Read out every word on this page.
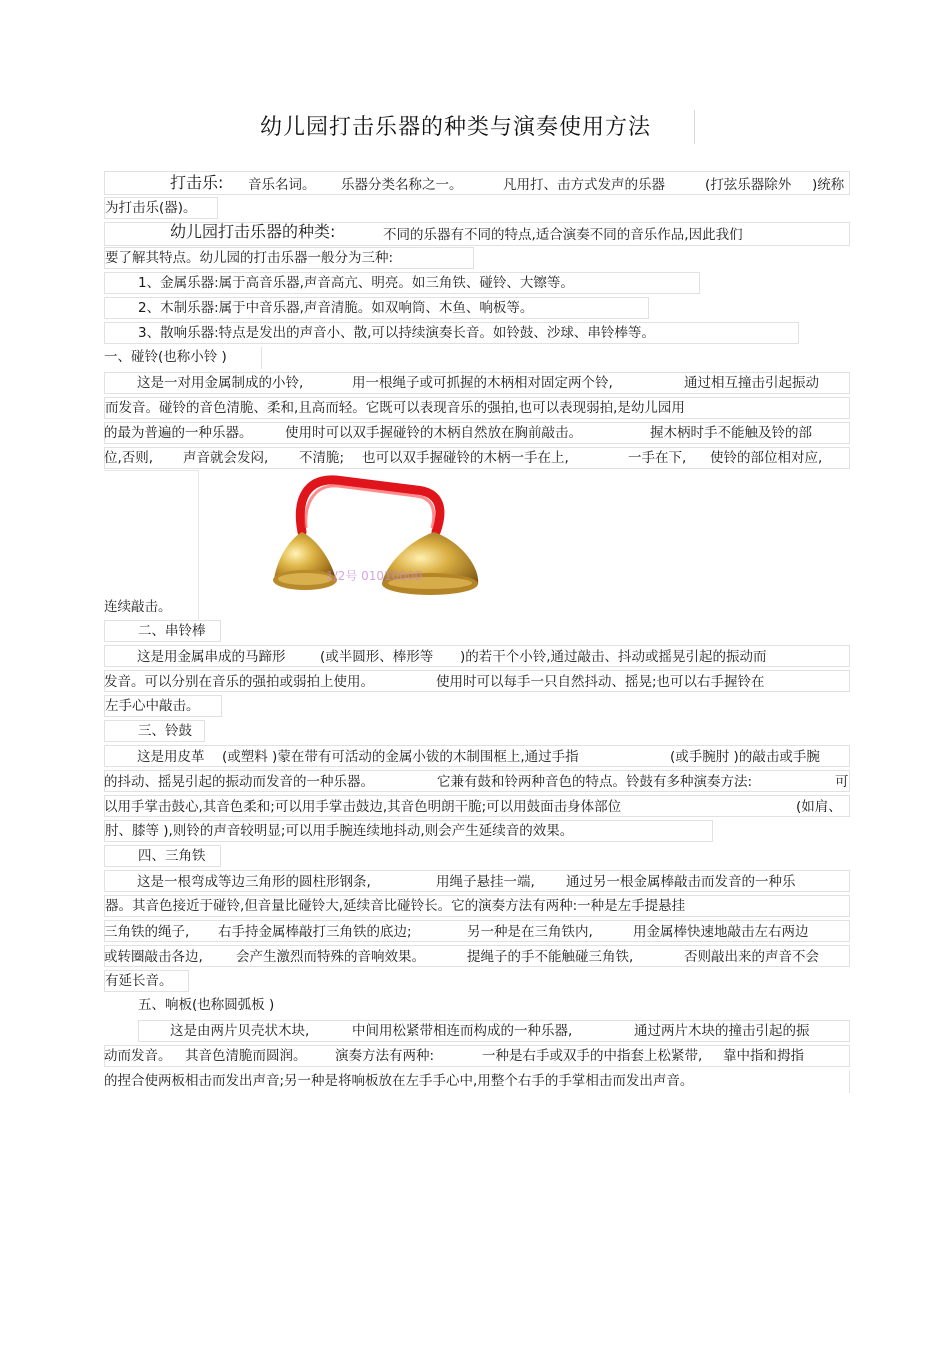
幼儿园打击乐器的种类与演奏使用方法
打击乐: 音乐名词。 乐器分类名称之一。	凡用打、击方式发声的乐器	(打弦乐器除外 )统称
为打击乐(器)。
幼儿园打击乐器的种类:	不同的乐器有不同的特点,适合演奏不同的音乐作品,因此我们
要了解其特点。幼儿园的打击乐器一般分为三种:
1、金属乐器:属于高音乐器,声音高亢、明亮。如三角铁、碰铃、大镲等。
2、木制乐器:属于中音乐器,声音清脆。如双响筒、木鱼、响板等。
3、散响乐器:特点是发出的声音小、散,可以持续演奏长音。如铃鼓、沙球、串铃棒等。
一、碰铃(也称小铃 )
这是一对用金属制成的小铃,	用一根绳子或可抓握的木柄相对固定两个铃,	通过相互撞击引起振动
而发音。碰铃的音色清脆、柔和,且高而轻。它既可以表现音乐的强拍,也可以表现弱拍,是幼儿园用
的最为普遍的一种乐器。 使用时可以双手握碰铃的木柄自然放在胸前敲击。	握木柄时手不能触及铃的部
位,否则, 声音就会发闷, 不清脆; 也可以双手握碰铃的木柄一手在上,	一手在下, 使铃的部位相对应,
1/2号 01010000
连续敲击。
二、串铃棒
这是用金属串成的马蹄形	(或半圆形、棒形等 )的若干个小铃,通过敲击、抖动或摇晃引起的振动而
发音。可以分别在音乐的强拍或弱拍上使用。	使用时可以每手一只自然抖动、摇晃;也可以右手握铃在
左手心中敲击。
三、铃鼓
这是用皮革 (或塑料 )蒙在带有可活动的金属小钹的木制围框上,通过手指	(或手腕肘 )的敲击或手腕
的抖动、摇晃引起的振动而发音的一种乐器。	它兼有鼓和铃两种音色的特点。铃鼓有多种演奏方法:	可
以用手掌击鼓心,其音色柔和;可以用手掌击鼓边,其音色明朗干脆;可以用鼓面击身体部位	(如肩、
肘、膝等 ),则铃的声音较明显;可以用手腕连续地抖动,则会产生延续音的效果。
四、三角铁
这是一根弯成等边三角形的圆柱形钢条,	用绳子悬挂一端, 通过另一根金属棒敲击而发音的一种乐
器。其音色接近于碰铃,但音量比碰铃大,延续音比碰铃长。它的演奏方法有两种:一种是左手提悬挂
三角铁的绳子, 右手持金属棒敲打三角铁的底边;	另一种是在三角铁内,	用金属棒快速地敲击左右两边
或转圈敲击各边, 会产生激烈而特殊的音响效果。	提绳子的手不能触碰三角铁,	否则敲出来的声音不会
有延长音。
五、响板(也称圆弧板 )
这是由两片贝壳状木块,	中间用松紧带相连而构成的一种乐器,	通过两片木块的撞击引起的振
动而发音。 其音色清脆而圆润。 演奏方法有两种:	一种是右手或双手的中指套上松紧带, 靠中指和拇指
的捏合使两板相击而发出声音;另一种是将响板放在左手手心中,用整个右手的手掌相击而发出声音。
